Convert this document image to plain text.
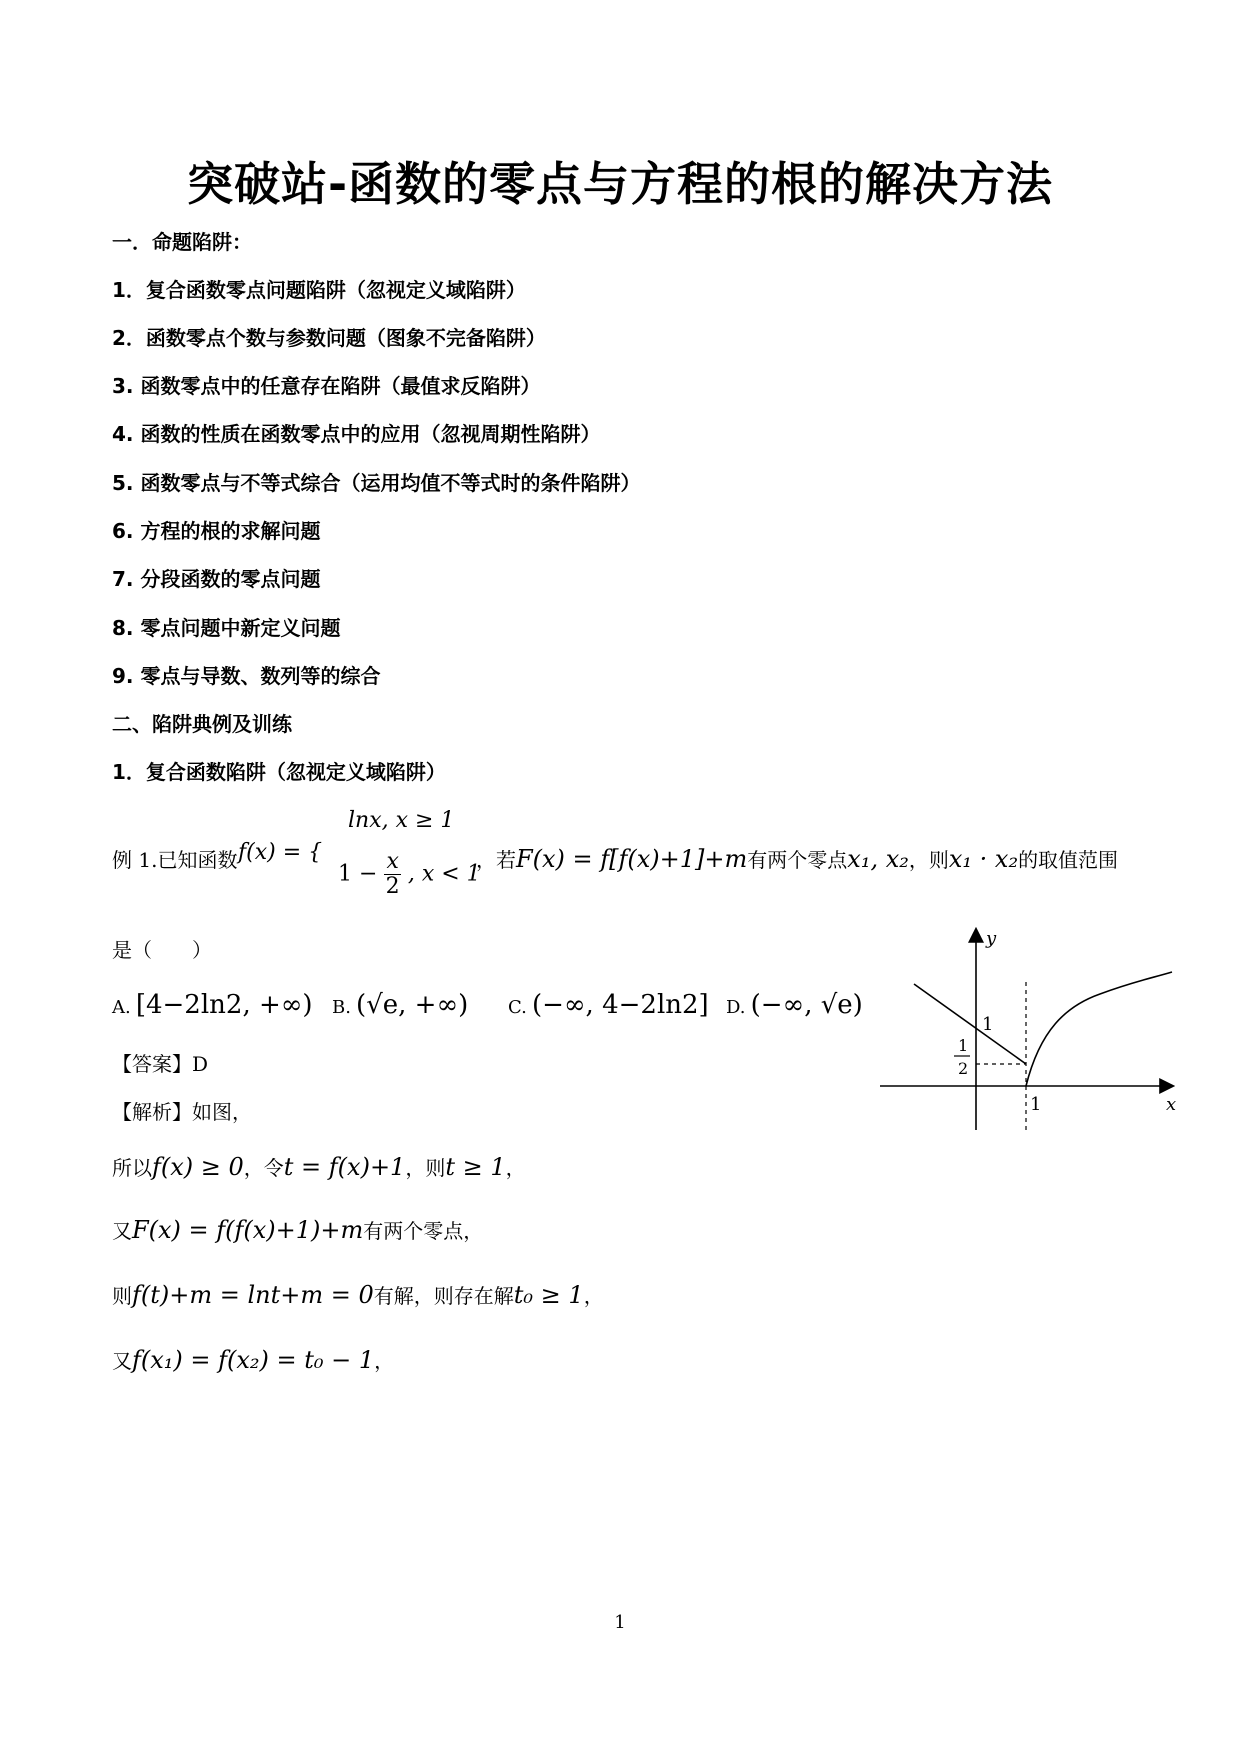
突破站-函数的零点与方程的根的解决方法
一．命题陷阱：
1．复合函数零点问题陷阱（忽视定义域陷阱）
2．函数零点个数与参数问题（图象不完备陷阱）
3. 函数零点中的任意存在陷阱（最值求反陷阱）
4. 函数的性质在函数零点中的应用（忽视周期性陷阱）
5. 函数零点与不等式综合（运用均值不等式时的条件陷阱）
6. 方程的根的求解问题
7. 分段函数的零点问题
8. 零点问题中新定义问题
9. 零点与导数、数列等的综合
二、陷阱典例及训练
1．复合函数陷阱（忽视定义域陷阱）
例 1.已知函数 f(x) = {
lnx, x ≥ 1
$1 - \frac{x}{2}$ , x < 1
，若F(x) = f[f(x)+1]+m有两个零点x₁, x₂，则x₁ · x₂的取值范围
是（　　）
A. [4−2ln2, +∞) B. (√e, +∞) C. (−∞, 4−2ln2] D. (−∞, √e)
【答案】D
【解析】如图，
所以f(x) ≥ 0，令t = f(x)+1，则t ≥ 1，
又F(x) = f(f(x)+1)+m有两个零点，
则f(t)+m = lnt+m = 0有解，则存在解t₀ ≥ 1，
又f(x₁) = f(x₂) = t₀ − 1，
y
x
1
1
2
1
1
